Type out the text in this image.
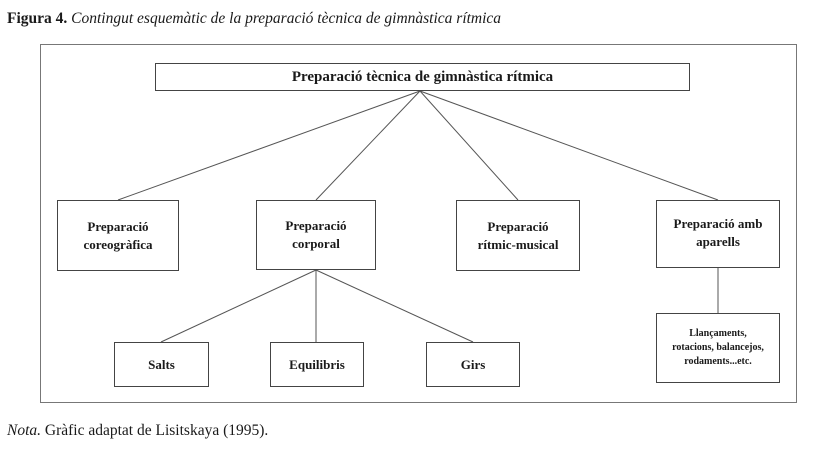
Figura 4. Contingut esquemàtic de la preparació tècnica de gimnàstica rítmica
Preparació tècnica de gimnàstica rítmica
Preparació
coreogràfica
Preparació
corporal
Preparació
rítmic-musical
Preparació amb
aparells
Salts	Equilibris	Girs
Llançaments,
rotacions, balancejos,
rodaments...etc.
Nota. Gràfic adaptat de Lisitskaya (1995).
